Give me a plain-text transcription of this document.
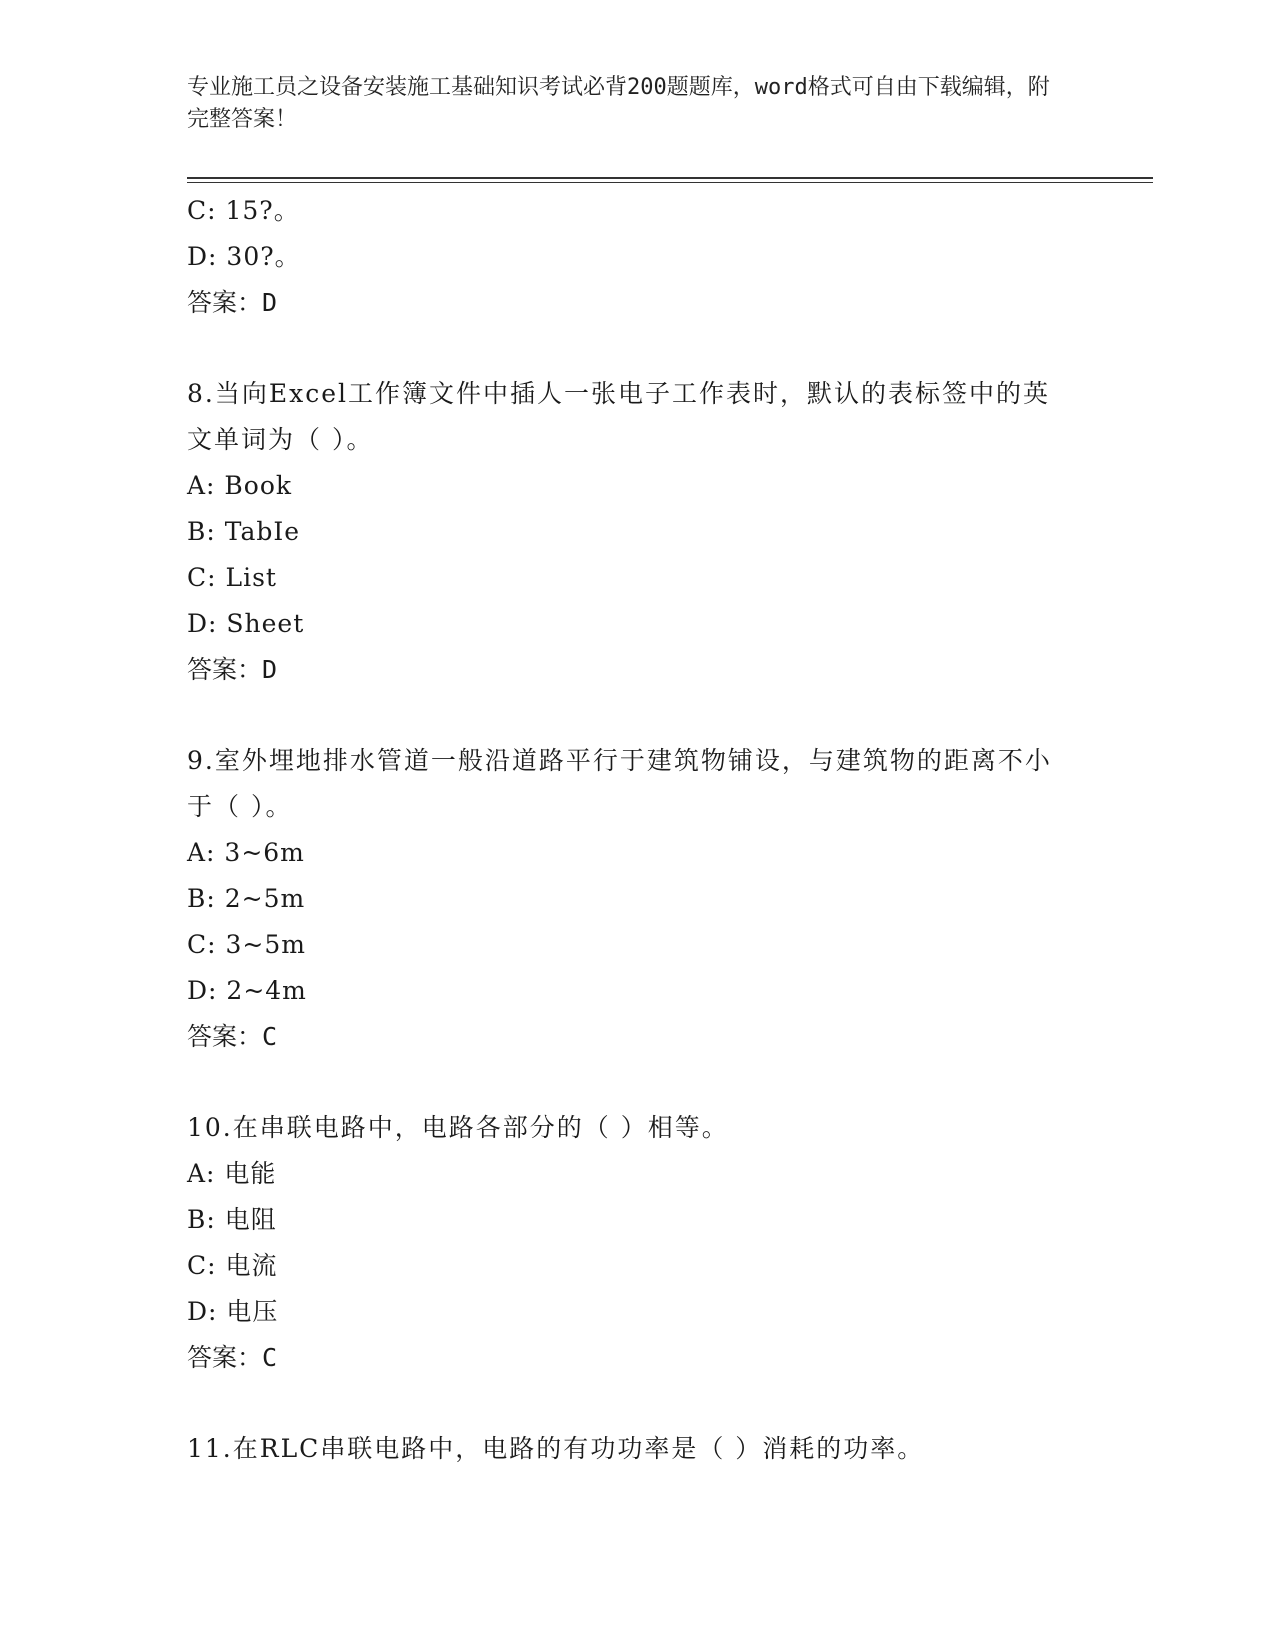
专业施工员之设备安装施工基础知识考试必背200题题库，word格式可自由下载编辑，附完整答案！
C: 15?。
D: 30?。
答案：D
8.当向Excel工作簿文件中插人一张电子工作表时，默认的表标签中的英文单词为（ ）。
A: Book
B: TabIe
C: List
D: Sheet
答案：D
9.室外埋地排水管道一般沿道路平行于建筑物铺设，与建筑物的距离不小于（ ）。
A: 3~6m
B: 2~5m
C: 3~5m
D: 2~4m
答案：C
10.在串联电路中，电路各部分的（ ）相等。
A: 电能
B: 电阻
C: 电流
D: 电压
答案：C
11.在RLC串联电路中，电路的有功功率是（ ）消耗的功率。
